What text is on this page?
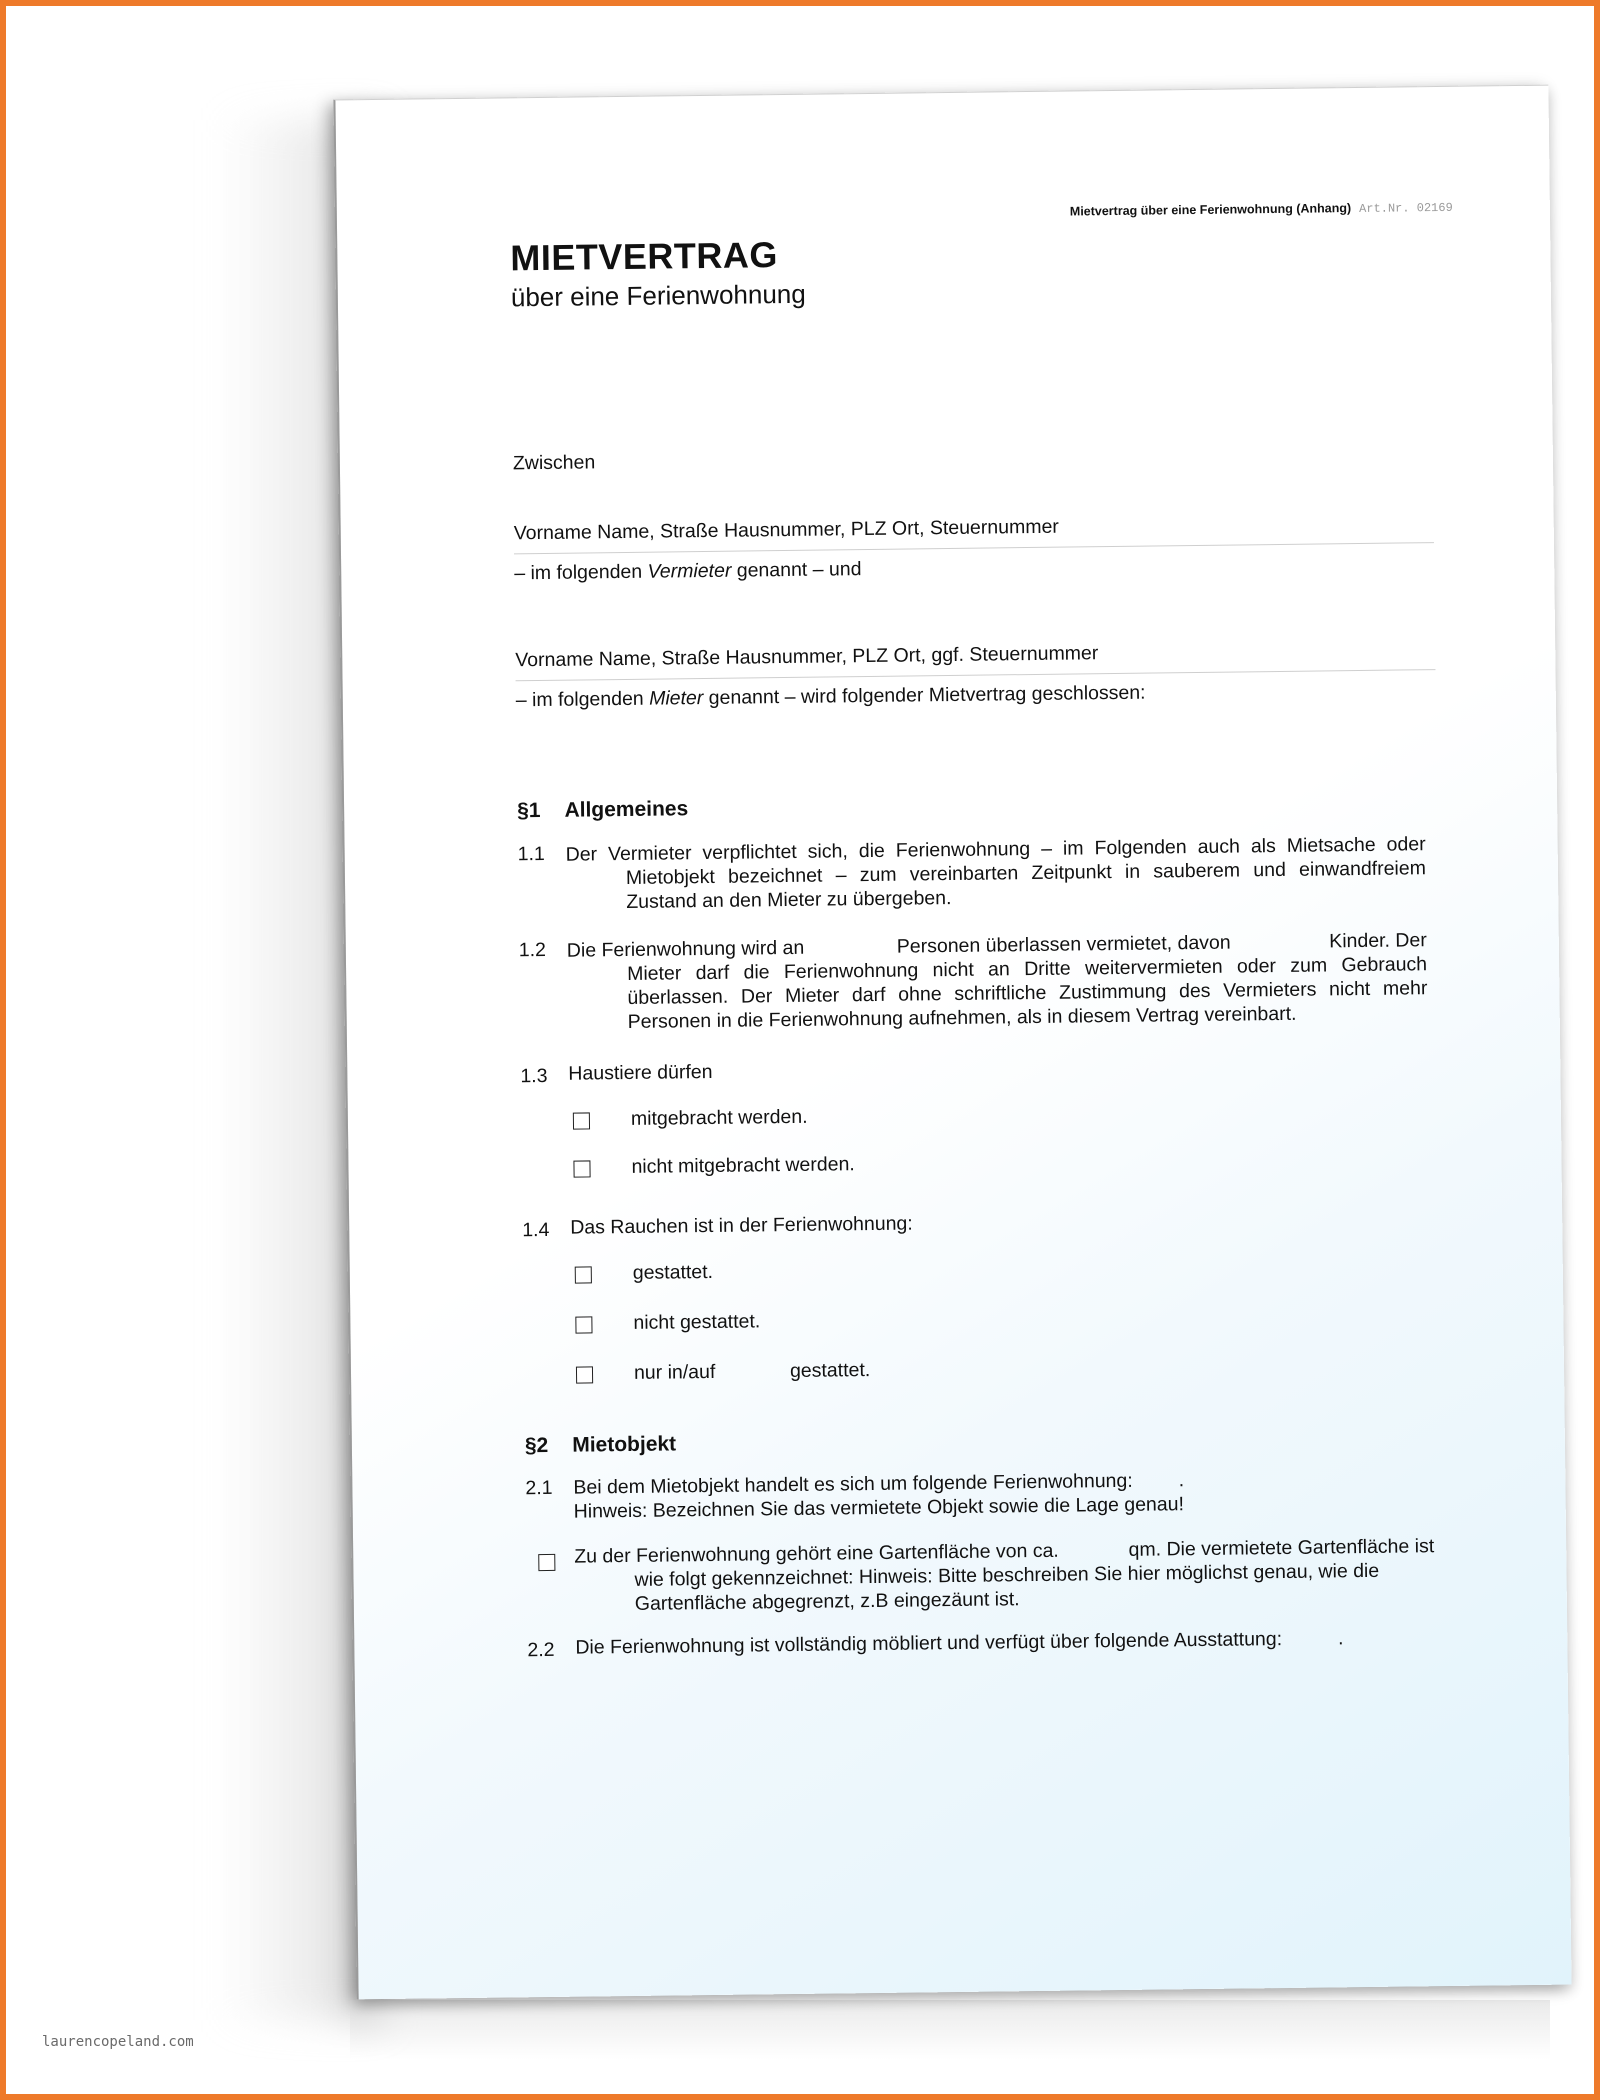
Mietvertrag über eine Ferienwohnung (Anhang) Art.Nr. 02169
MIETVERTRAG
über eine Ferienwohnung
Zwischen
Vorname Name, Straße Hausnummer, PLZ Ort, Steuernummer
– im folgenden Vermieter genannt – und
Vorname Name, Straße Hausnummer, PLZ Ort, ggf. Steuernummer
– im folgenden Mieter genannt – wird folgender Mietvertrag geschlossen:
§1 Allgemeines
1.1 Der Vermieter verpflichtet sich, die Ferienwohnung – im Folgenden auch als Mietsache oder Mietobjekt bezeichnet – zum vereinbarten Zeitpunkt in sauberem und einwandfreiem Zustand an den Mieter zu übergeben.
1.2 Die Ferienwohnung wird an	Personen überlassen vermietet, davon	Kinder. Der
Mieter darf die Ferienwohnung nicht an Dritte weitervermieten oder zum Gebrauch überlassen. Der Mieter darf ohne schriftliche Zustimmung des Vermieters nicht mehr Personen in die Ferienwohnung aufnehmen, als in diesem Vertrag vereinbart.
1.3 Haustiere dürfen
mitgebracht werden.
nicht mitgebracht werden.
1.4 Das Rauchen ist in der Ferienwohnung:
gestattet.
nicht gestattet.
nur in/auf	gestattet.
§2 Mietobjekt
2.1 Bei dem Mietobjekt handelt es sich um folgende Ferienwohnung: .
Hinweis: Bezeichnen Sie das vermietete Objekt sowie die Lage genau!
Zu der Ferienwohnung gehört eine Gartenfläche von ca.	qm. Die vermietete Gartenfläche ist
wie folgt gekennzeichnet: Hinweis: Bitte beschreiben Sie hier möglichst genau, wie die
Gartenfläche abgegrenzt, z.B eingezäunt ist.
2.2 Die Ferienwohnung ist vollständig möbliert und verfügt über folgende Ausstattung:	.
laurencopeland.com
